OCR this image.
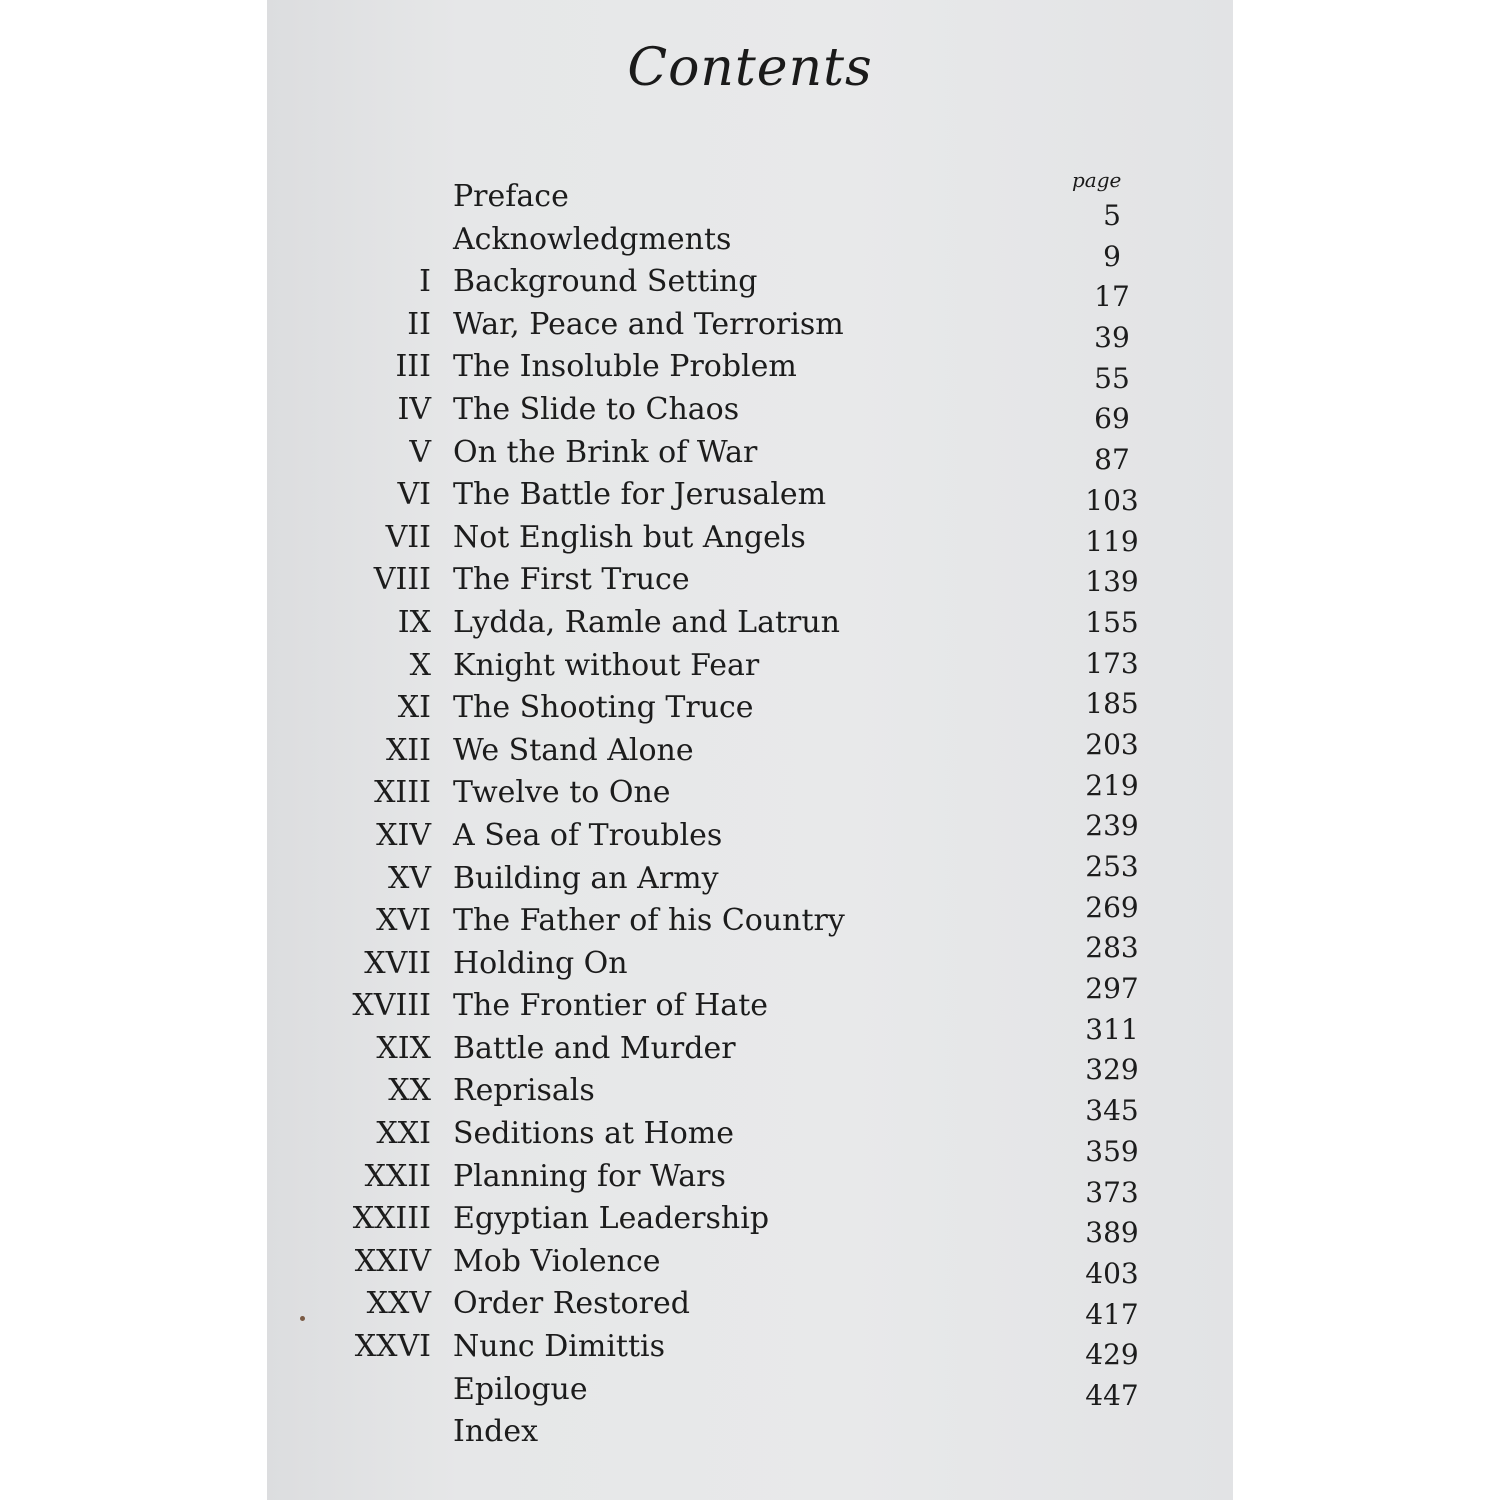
Contents
page
Preface
Acknowledgments
I Background Setting
II War, Peace and Terrorism
III The Insoluble Problem
IV The Slide to Chaos
V On the Brink of War
VI The Battle for Jerusalem
VII Not English but Angels
VIII The First Truce
IX Lydda, Ramle and Latrun
X Knight without Fear
XI The Shooting Truce
XII We Stand Alone
XIII Twelve to One
XIV A Sea of Troubles
XV Building an Army
XVI The Father of his Country
XVII Holding On
XVIII The Frontier of Hate
XIX Battle and Murder
XX Reprisals
XXI Seditions at Home
XXII Planning for Wars
XXIII Egyptian Leadership
XXIV Mob Violence
XXV Order Restored
XXVI Nunc Dimittis
Epilogue
Index
5
9
17
39
55
69
87
103
119
139
155
173
185
203
219
239
253
269
283
297
311
329
345
359
373
389
403
417
429
447
